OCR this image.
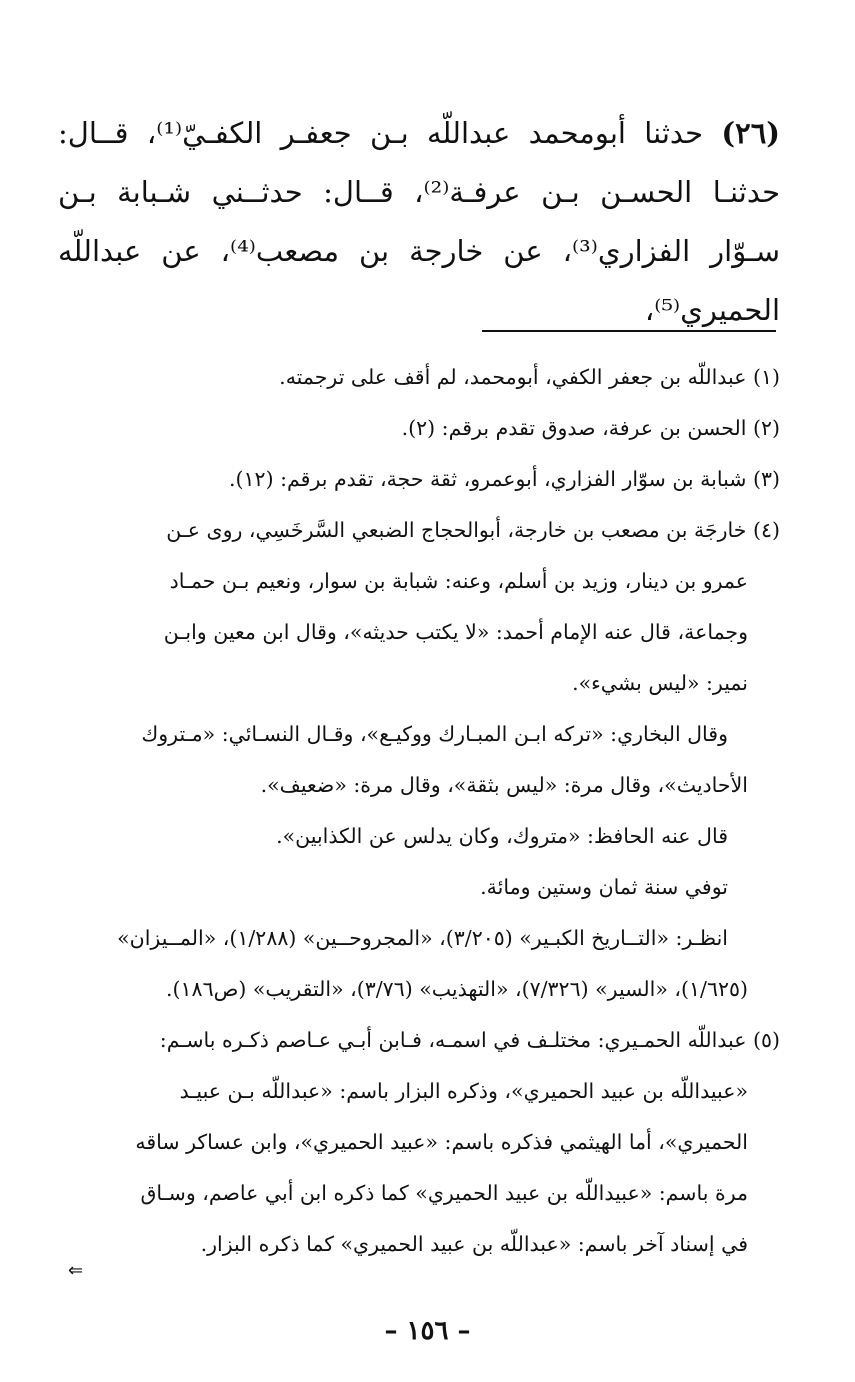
(٢٦) حدثنا أبومحمد عبداللّه بـن جعفـر الكفـيّ⁽¹⁾، قــال: حدثنـا الحسـن بـن عرفـة⁽²⁾، قــال: حدثــني شـبابة بـن سـوّار الفزاري⁽³⁾، عن خارجة بن مصعب⁽⁴⁾، عن عبداللّه الحميري⁽⁵⁾،

(١) عبداللّه بن جعفر الكفي، أبومحمد، لم أقف على ترجمته.

(٢) الحسن بن عرفة، صدوق تقدم برقم: (٢).

(٣) شبابة بن سوّار الفزاري، أبوعمرو، ثقة حجة، تقدم برقم: (١٢).

(٤) خارجَة بن مصعب بن خارجة، أبوالحجاج الضبعي السَّرخَسِي، روى عـن

عمرو بن دينار، وزيد بن أسلم، وعنه: شبابة بن سوار، ونعيم بـن حمـاد

وجماعة، قال عنه الإمام أحمد: «لا يكتب حديثه»، وقال ابن معين وابـن

نمير: «ليس بشيء».

وقال البخاري: «تركه ابـن المبـارك ووكيـع»، وقـال النسـائي: «مـتروك

الأحاديث»، وقال مرة: «ليس بثقة»، وقال مرة: «ضعيف».

قال عنه الحافظ: «متروك، وكان يدلس عن الكذابين».

توفي سنة ثمان وستين ومائة.

انظـر: «التــاريخ الكبـير» (٣/٢٠٥)، «المجروحــين» (١/٢٨٨)، «المــيزان»

(١/٦٢٥)، «السير» (٧/٣٢٦)، «التهذيب» (٣/٧٦)، «التقريب» (ص١٨٦).

(٥) عبداللّه الحمـيري: مختلـف في اسمـه، فـابن أبـي عـاصم ذكـره باسـم:

«عبيداللّه بن عبيد الحميري»، وذكره البزار باسم: «عبداللّه بـن عبيـد

الحميري»، أما الهيثمي فذكره باسم: «عبيد الحميري»، وابن عساكر ساقه

مرة باسم: «عبيداللّه بن عبيد الحميري» كما ذكره ابن أبي عاصم، وسـاق

في إسناد آخر باسم: «عبداللّه بن عبيد الحميري» كما ذكره البزار.

⇐
– ١٥٦ –
